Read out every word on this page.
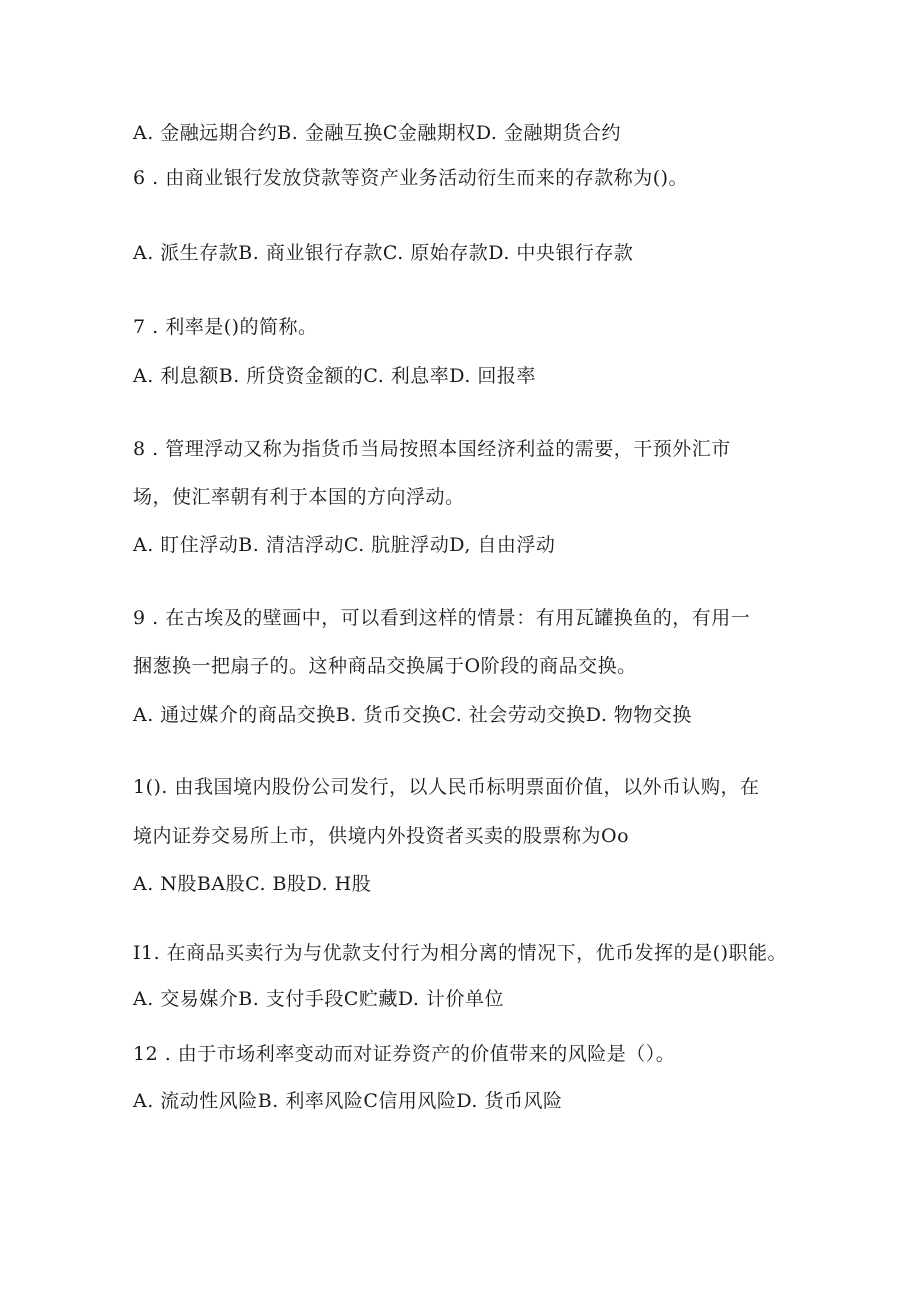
A. 金融远期合约B. 金融互换C金融期权D. 金融期货合约
6 . 由商业银行发放贷款等资产业务活动衍生而来的存款称为()。
A. 派生存款B. 商业银行存款C. 原始存款D. 中央银行存款
7 . 利率是()的简称。
A. 利息额B. 所贷资金额的C. 利息率D. 回报率
8 . 管理浮动又称为指货币当局按照本国经济利益的需要，干预外汇市
场，使汇率朝有利于本国的方向浮动。
A. 盯住浮动B. 清洁浮动C. 肮脏浮动D, 自由浮动
9 . 在古埃及的壁画中，可以看到这样的情景：有用瓦罐换鱼的，有用一
捆葱换一把扇子的。这种商品交换属于O阶段的商品交换。
A. 通过媒介的商品交换B. 货币交换C. 社会劳动交换D. 物物交换
1(). 由我国境内股份公司发行，以人民币标明票面价值，以外币认购，在
境内证券交易所上市，供境内外投资者买卖的股票称为Oo
A. N股BA股C. B股D. H股
I1. 在商品买卖行为与优款支付行为相分离的情况下，优币发挥的是()职能。
A. 交易媒介B. 支付手段C贮藏D. 计价单位
12 . 由于市场利率变动而对证券资产的价值带来的风险是（）。
A. 流动性风险B. 利率风险C信用风险D. 货币风险
